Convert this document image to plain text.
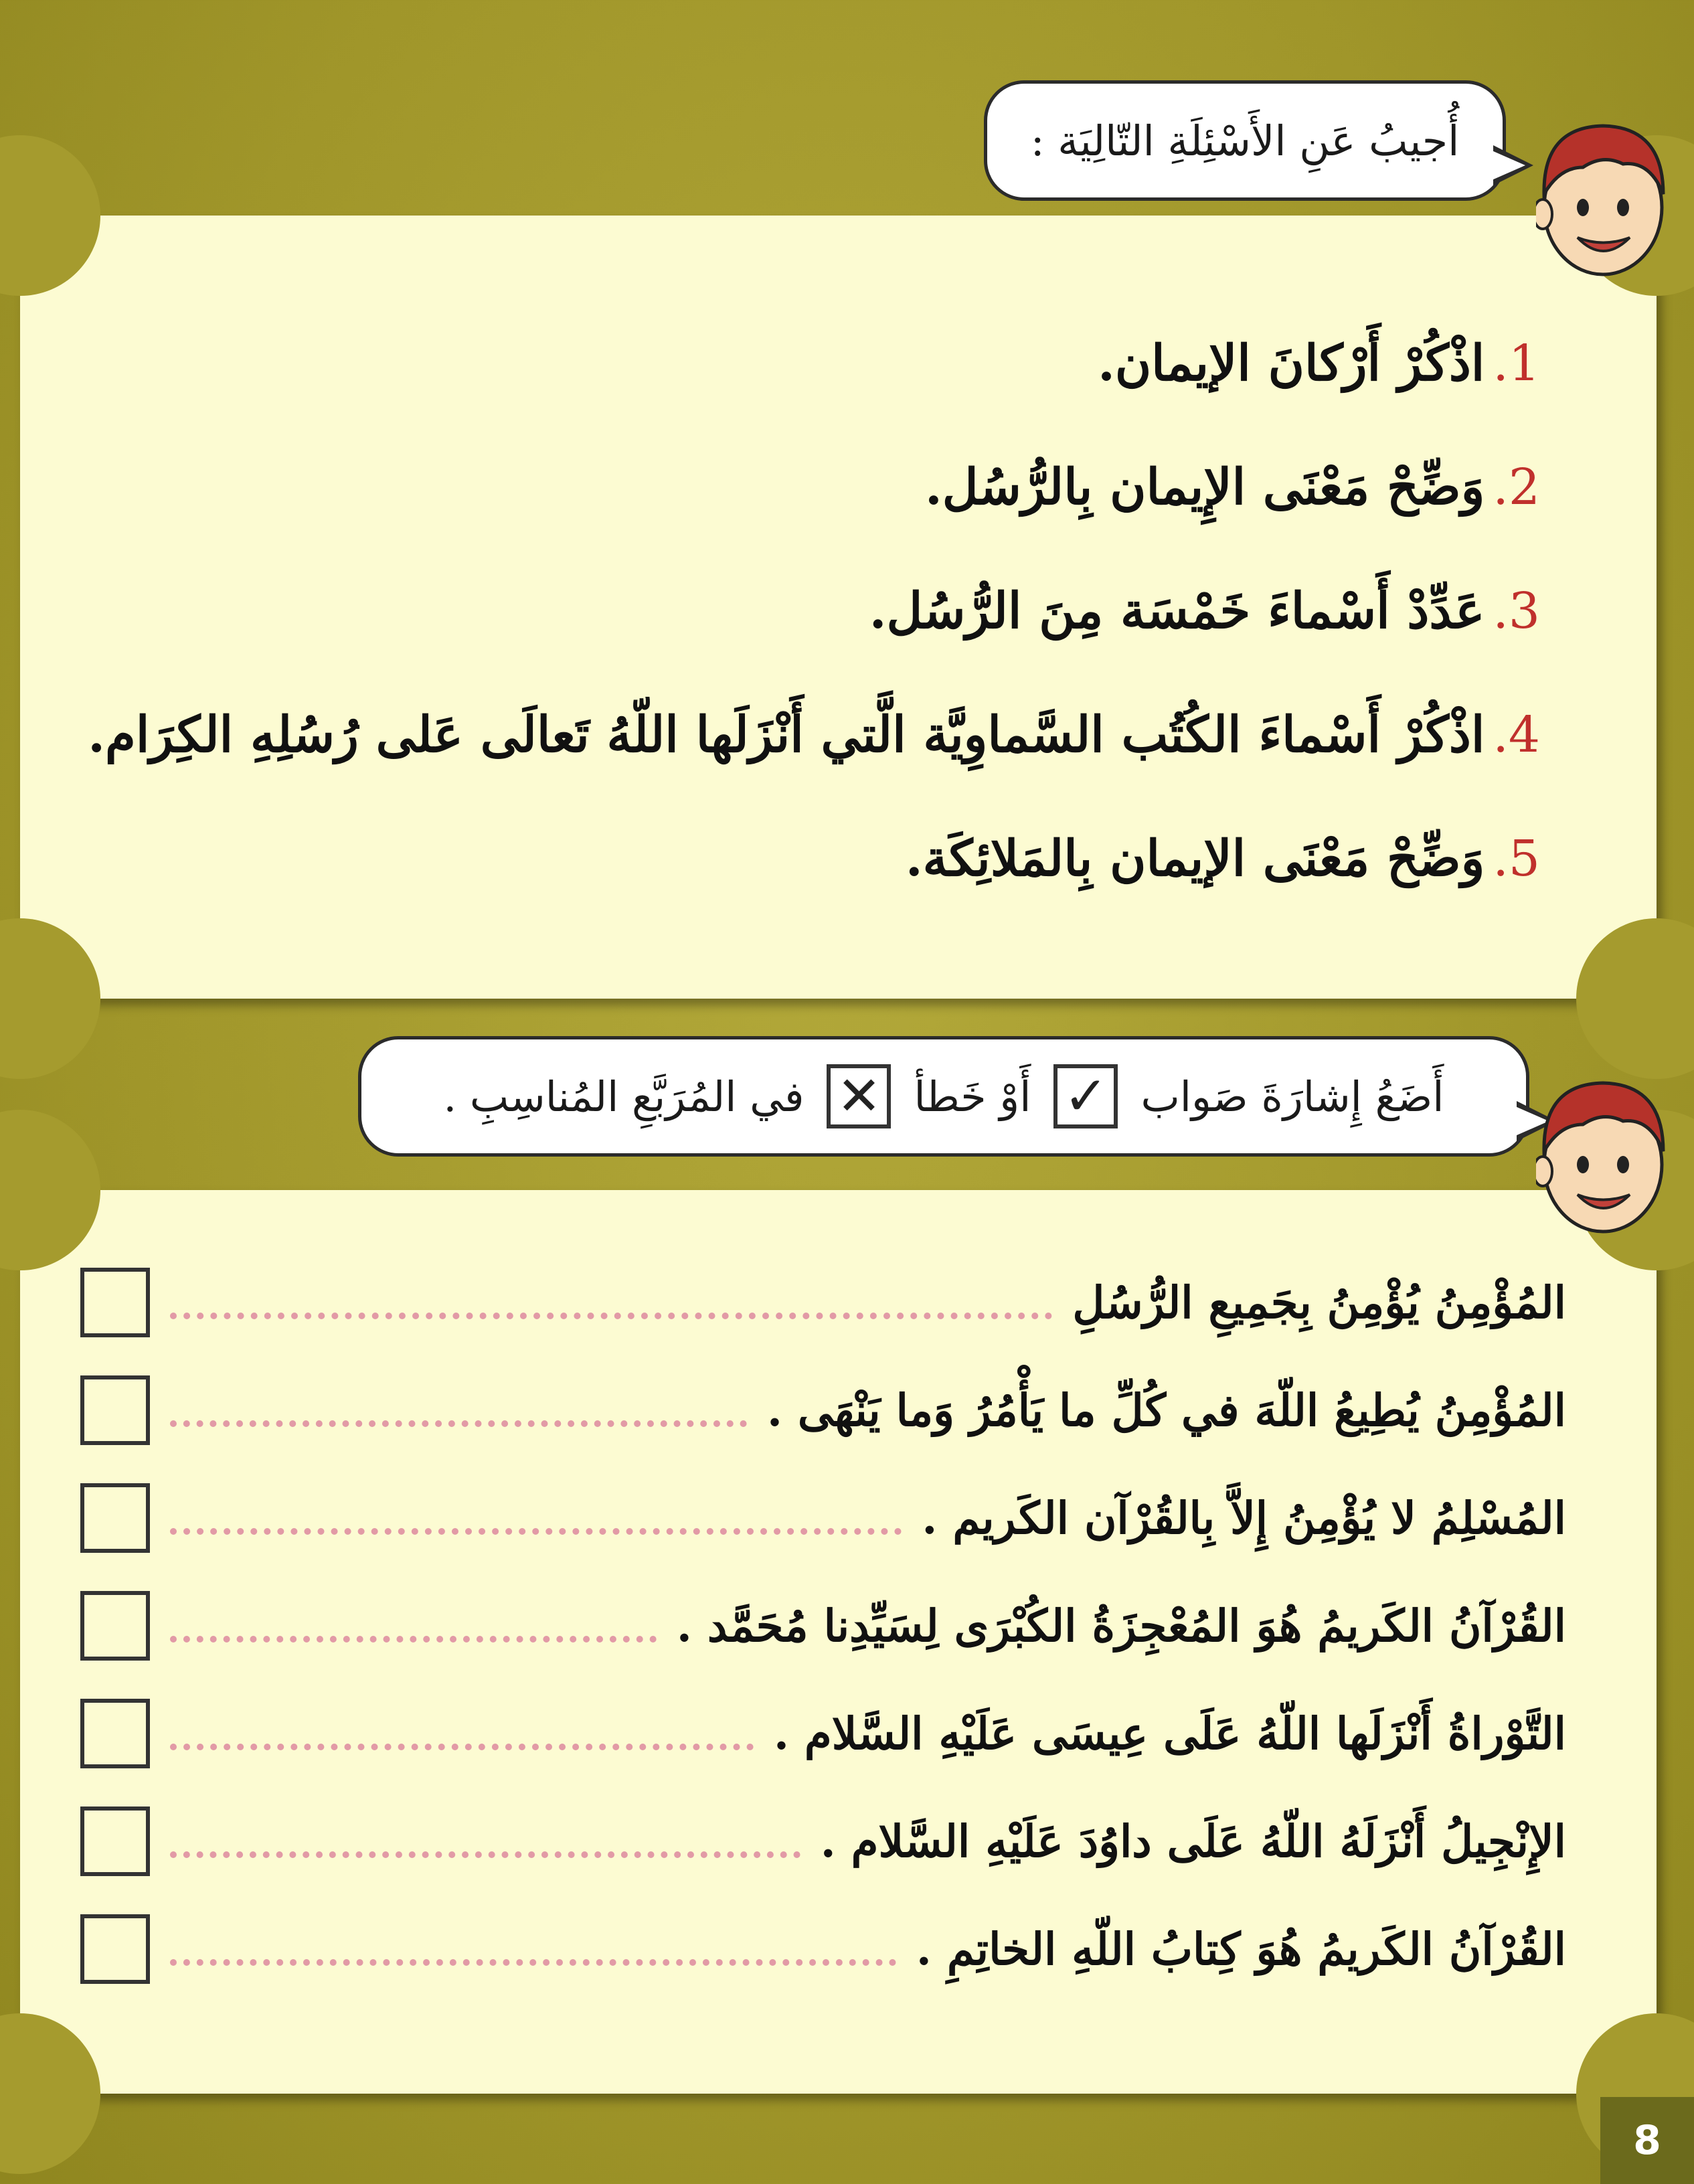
أُجيبُ عَنِ الأَسْئِلَةِ التّالِيَة :
1.
اذْكُرْ أَرْكانَ الإيمان.
2.
وَضِّحْ مَعْنَى الإِيمان بِالرُّسُل.
3.
عَدِّدْ أَسْماءَ خَمْسَة مِنَ الرُّسُل.
4.
اذْكُرْ أَسْماءَ الكُتُب السَّماوِيَّة الَّتي أَنْزَلَها اللّهُ تَعالَى عَلى رُسُلِهِ الكِرَام.
5.
وَضِّحْ مَعْنَى الإيمان بِالمَلائِكَة.
أَضَعُ إِشارَةَ صَواب
✓
أَوْ خَطأ
✕
في المُرَبَّعِ المُناسِبِ .
المُؤْمِنُ يُؤْمِنُ بِجَمِيعِ الرُّسُلِ
المُؤْمِنُ يُطِيعُ اللّهَ في كُلِّ ما يَأْمُرُ وَما يَنْهَى .
المُسْلِمُ لا يُؤْمِنُ إِلاَّ بِالقُرْآن الكَريم .
القُرْآنُ الكَريمُ هُوَ المُعْجِزَةُ الكُبْرَى لِسَيِّدِنا مُحَمَّد .
التَّوْراةُ أَنْزَلَها اللّهُ عَلَى عِيسَى عَلَيْهِ السَّلام .
الإِنْجِيلُ أَنْزَلَهُ اللّهُ عَلَى داوُدَ عَلَيْهِ السَّلام .
القُرْآنُ الكَريمُ هُوَ كِتابُ اللّهِ الخاتِمِ .
8
